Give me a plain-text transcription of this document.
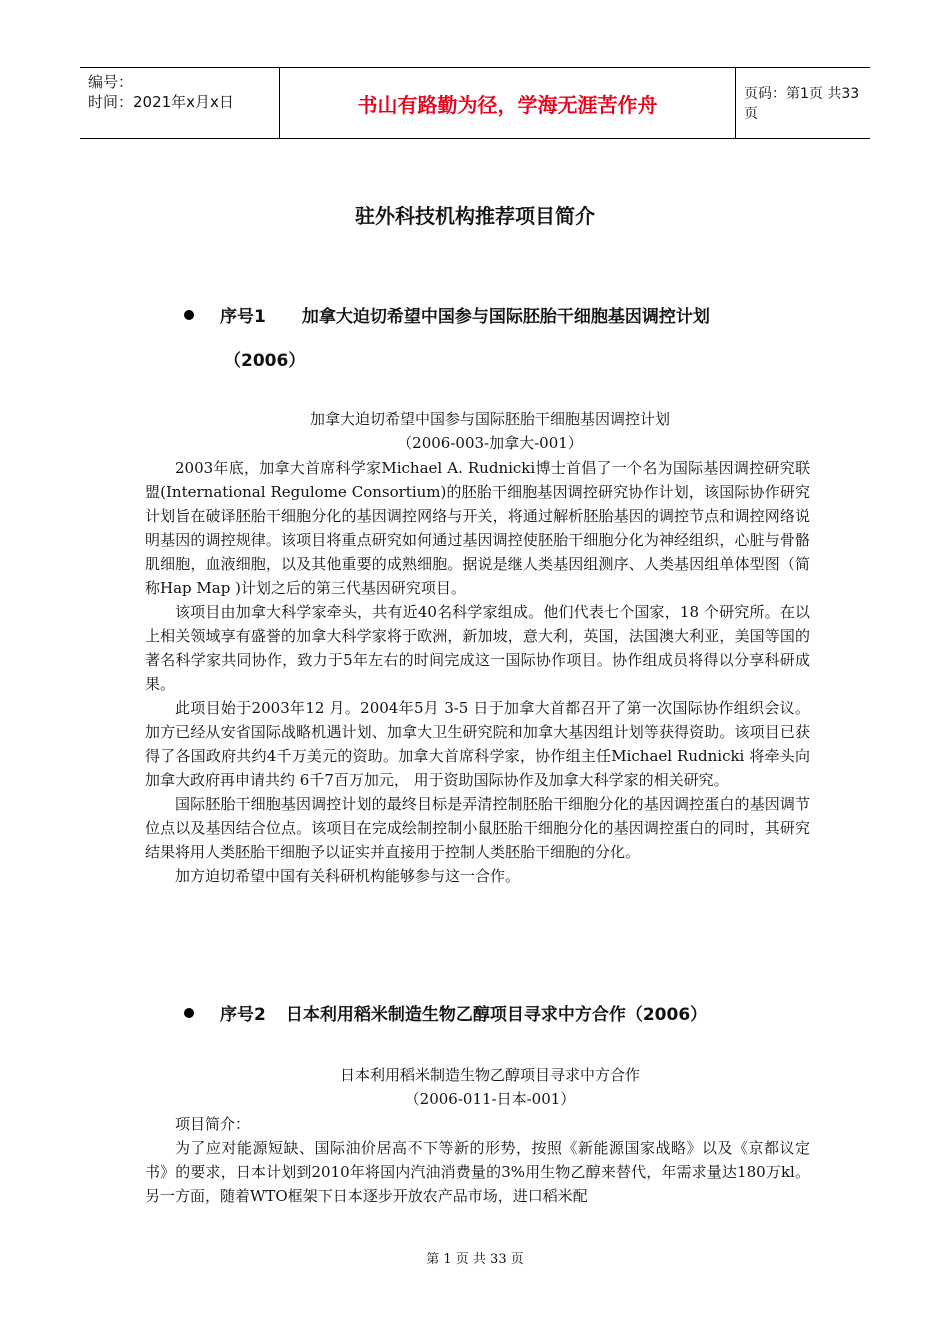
编号：
时间：2021年x月x日	书山有路勤为径，学海无涯苦作舟	页码：第1页 共33页
驻外科技机构推荐项目简介
序号1 加拿大迫切希望中国参与国际胚胎干细胞基因调控计划
（2006）
加拿大迫切希望中国参与国际胚胎干细胞基因调控计划
（2006-003-加拿大-001）

2003年底，加拿大首席科学家Michael A. Rudnicki博士首倡了一个名为国际基因调控研究联盟(International Regulome Consortium)的胚胎干细胞基因调控研究协作计划，该国际协作研究计划旨在破译胚胎干细胞分化的基因调控网络与开关，将通过解析胚胎基因的调控节点和调控网络说明基因的调控规律。该项目将重点研究如何通过基因调控使胚胎干细胞分化为神经组织，心脏与骨骼肌细胞，血液细胞，以及其他重要的成熟细胞。据说是继人类基因组测序、人类基因组单体型图（简称Hap Map )计划之后的第三代基因研究项目。

该项目由加拿大科学家牵头，共有近40名科学家组成。他们代表七个国家，18 个研究所。在以上相关领域享有盛誉的加拿大科学家将于欧洲，新加坡，意大利，英国，法国澳大利亚，美国等国的著名科学家共同协作，致力于5年左右的时间完成这一国际协作项目。协作组成员将得以分享科研成果。

此项目始于2003年12 月。2004年5月 3-5 日于加拿大首都召开了第一次国际协作组织会议。加方已经从安省国际战略机遇计划、加拿大卫生研究院和加拿大基因组计划等获得资助。该项目已获得了各国政府共约4千万美元的资助。加拿大首席科学家，协作组主任Michael Rudnicki 将牵头向加拿大政府再申请共约 6千7百万加元， 用于资助国际协作及加拿大科学家的相关研究。

国际胚胎干细胞基因调控计划的最终目标是弄清控制胚胎干细胞分化的基因调控蛋白的基因调节位点以及基因结合位点。该项目在完成绘制控制小鼠胚胎干细胞分化的基因调控蛋白的同时，其研究结果将用人类胚胎干细胞予以证实并直接用于控制人类胚胎干细胞的分化。

加方迫切希望中国有关科研机构能够参与这一合作。

序号2 日本利用稻米制造生物乙醇项目寻求中方合作（2006）
日本利用稻米制造生物乙醇项目寻求中方合作
（2006-011-日本-001）

项目简介：

为了应对能源短缺、国际油价居高不下等新的形势，按照《新能源国家战略》以及《京都议定书》的要求，日本计划到2010年将国内汽油消费量的3%用生物乙醇来替代，年需求量达180万kl。另一方面，随着WTO框架下日本逐步开放农产品市场，进口稻米配

第 1 页 共 33 页
